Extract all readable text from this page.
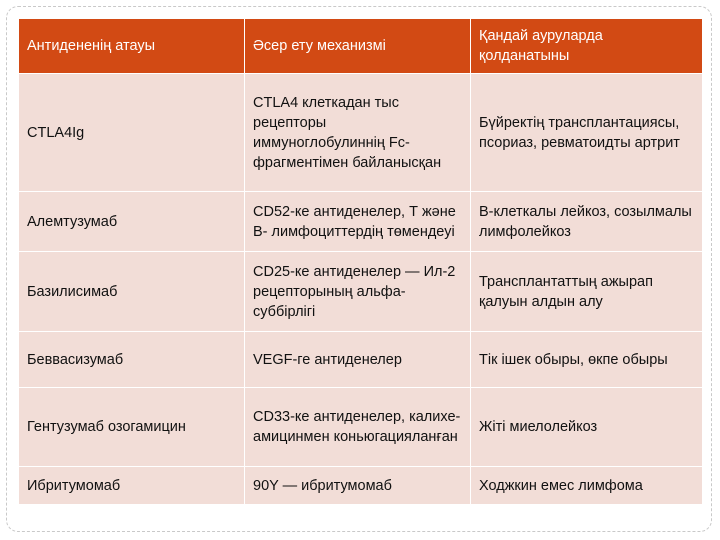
Антидененің атауы	Әсер ету механизмі	Қандай ауруларда қолданатыны
CTLA4Ig	CTLA4 клеткадан тыс рецепторы иммуноглобулиннің Fc-фрагментімен байланысқан	Бүйректің трансплантациясы, псориаз, ревматоидты артрит
Алемтузумаб	CD52-ке антиденелер, Т және В- лимфоциттердің төмендеуі	В-клеткалы лейкоз, созылмалы лимфолейкоз
Базилисимаб	CD25-ке антиденелер — Ил-2 рецепторының альфа-суббірлігі	Трансплантаттың ажырап қалуын алдын алу
Беввасизумаб	VEGF-ге антиденелер	Тік ішек обыры, өкпе обыры
Гентузумаб озогамицин	CD33-ке антиденелер, калихе-амицинмен коньюгацияланған	Жіті миелолейкоз
Ибритумомаб	90Y — ибритумомаб	Ходжкин емес лимфома
